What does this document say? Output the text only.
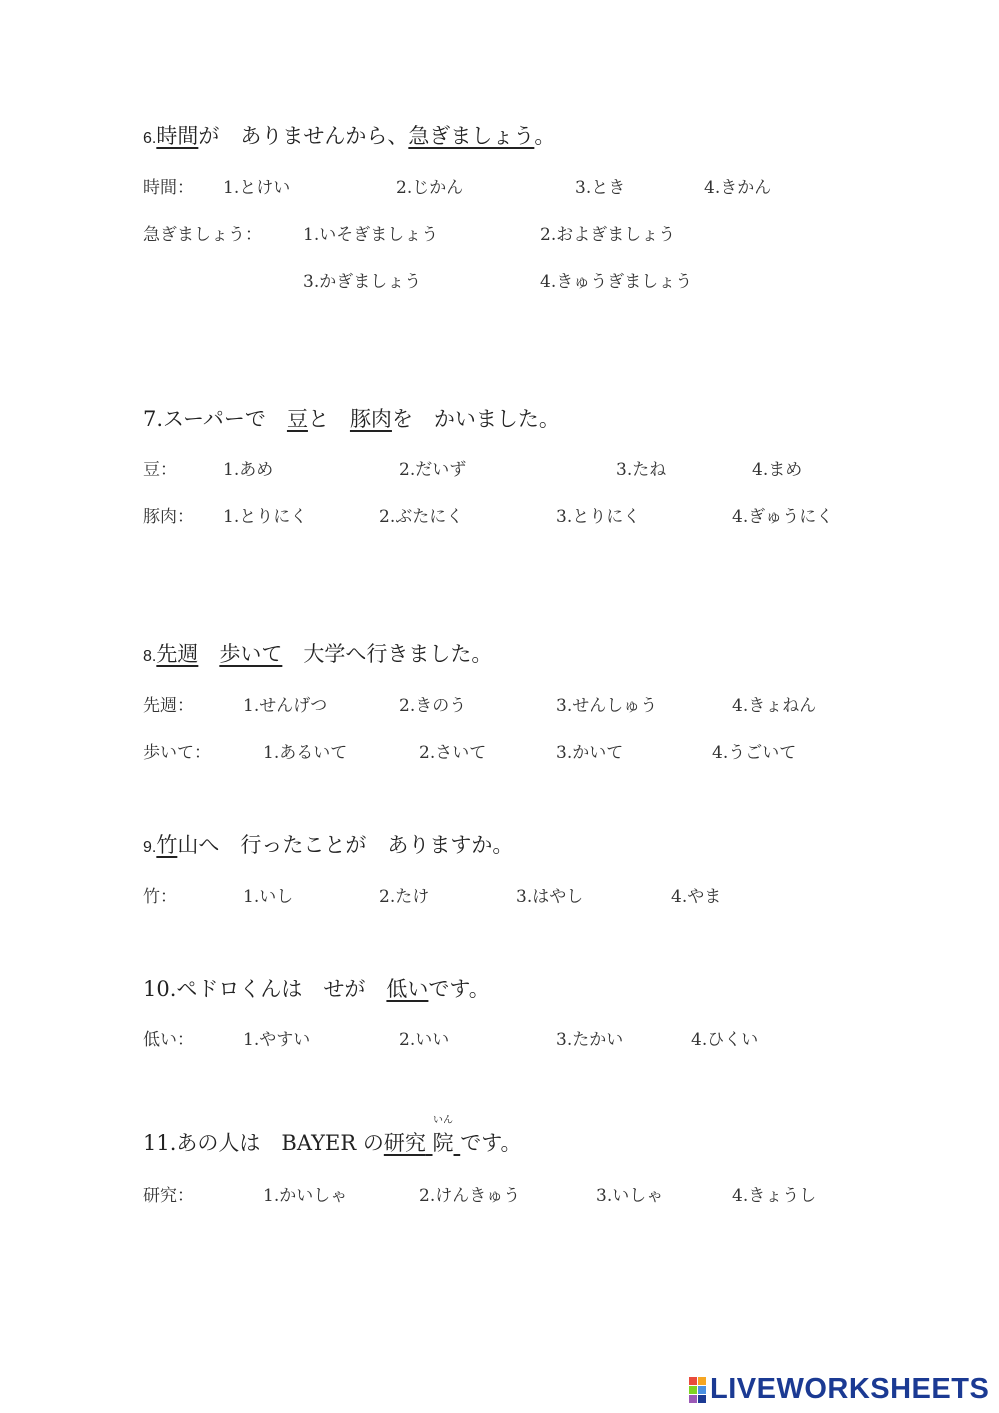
6.時間が　ありませんから、急ぎましょう。
時間： 1.とけい	2.じかん	3.とき	4.きかん
急ぎましょう： 1.いそぎましょう	2.およぎましょう
3.かぎましょう	4.きゅうぎましょう
7.スーパーで　豆と　豚肉を　かいました。
豆：	1.あめ	2.だいず	3.たね	4.まめ
豚肉： 1.とりにく	2.ぶたにく	3.とりにく	4.ぎゅうにく
8.先週　 歩いて　大学へ行きました。
先週：	1.せんげつ	2.きのう	3.せんしゅう	4.きょねん
歩いて：	1.あるいて	2.さいて	3.かいて	4.うごいて
9.竹山へ　行ったことが　ありますか。
竹：	1.いし	2.たけ	3.はやし	4.やま
10.ペドロくんは　せが　低いです。
低い：	1.やすい	2.いい	3.たかい	4.ひくい
11.あの人は　BAYER の研究
いん
院 です。
研究：	1.かいしゃ	2.けんきゅう	3.いしゃ	4.きょうし
LIVEWORKSHEETS
